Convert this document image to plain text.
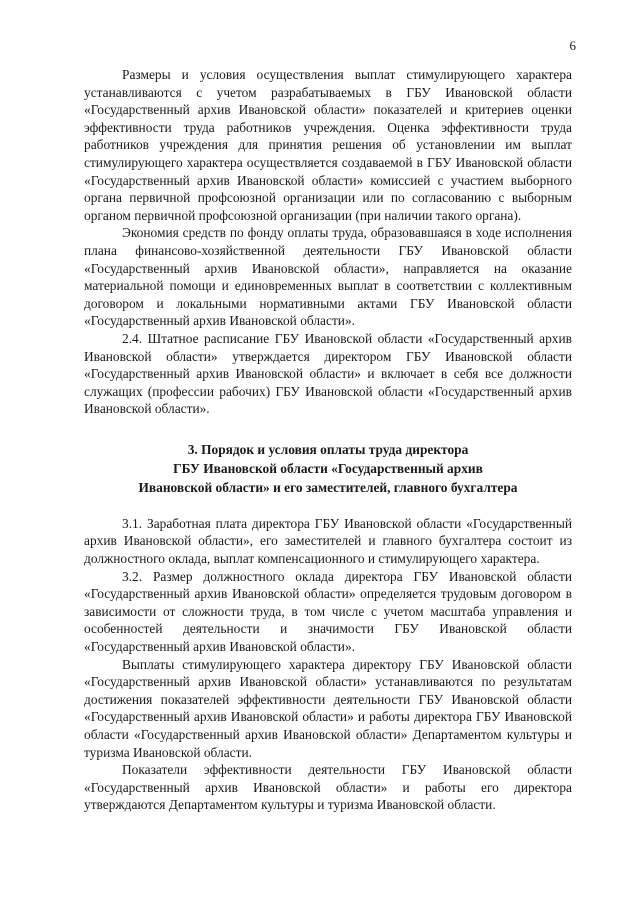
6

Размеры и условия осуществления выплат стимулирующего характера устанавливаются с учетом разрабатываемых в ГБУ Ивановской области «Государственный архив Ивановской области» показателей и критериев оценки эффективности труда работников учреждения. Оценка эффективности труда работников учреждения для принятия решения об установлении им выплат стимулирующего характера осуществляется создаваемой в ГБУ Ивановской области «Государственный архив Ивановской области» комиссией с участием выборного органа первичной профсоюзной организации или по согласованию с выборным органом первичной профсоюзной организации (при наличии такого органа).

Экономия средств по фонду оплаты труда, образовавшаяся в ходе исполнения плана финансово-хозяйственной деятельности ГБУ Ивановской области «Государственный архив Ивановской области», направляется на оказание материальной помощи и единовременных выплат в соответствии с коллективным договором и локальными нормативными актами ГБУ Ивановской области «Государственный архив Ивановской области».

2.4. Штатное расписание ГБУ Ивановской области «Государственный архив Ивановской области» утверждается директором ГБУ Ивановской области «Государственный архив Ивановской области» и включает в себя все должности служащих (профессии рабочих) ГБУ Ивановской области «Государственный архив Ивановской области».

3. Порядок и условия оплаты труда директора
ГБУ Ивановской области «Государственный архив
Ивановской области» и его заместителей, главного бухгалтера

3.1. Заработная плата директора ГБУ Ивановской области «Государственный архив Ивановской области», его заместителей и главного бухгалтера состоит из должностного оклада, выплат компенсационного и стимулирующего характера.

3.2. Размер должностного оклада директора ГБУ Ивановской области «Государственный архив Ивановской области» определяется трудовым договором в зависимости от сложности труда, в том числе с учетом масштаба управления и особенностей деятельности и значимости ГБУ Ивановской области «Государственный архив Ивановской области».

Выплаты стимулирующего характера директору ГБУ Ивановской области «Государственный архив Ивановской области» устанавливаются по результатам достижения показателей эффективности деятельности ГБУ Ивановской области «Государственный архив Ивановской области» и работы директора ГБУ Ивановской области «Государственный архив Ивановской области» Департаментом культуры и туризма Ивановской области.

Показатели эффективности деятельности ГБУ Ивановской области «Государственный архив Ивановской области» и работы его директора утверждаются Департаментом культуры и туризма Ивановской области.
